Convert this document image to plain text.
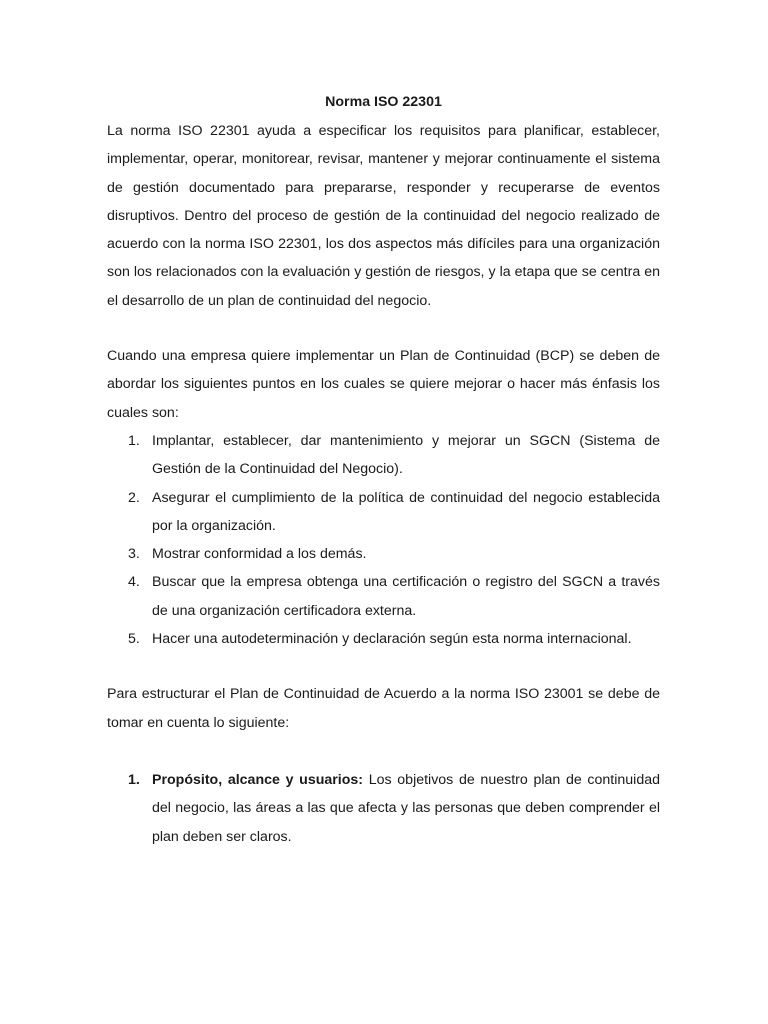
Norma ISO 22301

La norma ISO 22301 ayuda a especificar los requisitos para planificar, establecer, implementar, operar, monitorear, revisar, mantener y mejorar continuamente el sistema de gestión documentado para prepararse, responder y recuperarse de eventos disruptivos. Dentro del proceso de gestión de la continuidad del negocio realizado de acuerdo con la norma ISO 22301, los dos aspectos más difíciles para una organización son los relacionados con la evaluación y gestión de riesgos, y la etapa que se centra en el desarrollo de un plan de continuidad del negocio.

Cuando una empresa quiere implementar un Plan de Continuidad (BCP) se deben de abordar los siguientes puntos en los cuales se quiere mejorar o hacer más énfasis los cuales son:

1. Implantar, establecer, dar mantenimiento y mejorar un SGCN (Sistema de Gestión de la Continuidad del Negocio).
2. Asegurar el cumplimiento de la política de continuidad del negocio establecida por la organización.
3. Mostrar conformidad a los demás.
4. Buscar que la empresa obtenga una certificación o registro del SGCN a través de una organización certificadora externa.
5. Hacer una autodeterminación y declaración según esta norma internacional.

Para estructurar el Plan de Continuidad de Acuerdo a la norma ISO 23001 se debe de tomar en cuenta lo siguiente:

1. Propósito, alcance y usuarios: Los objetivos de nuestro plan de continuidad del negocio, las áreas a las que afecta y las personas que deben comprender el plan deben ser claros.
